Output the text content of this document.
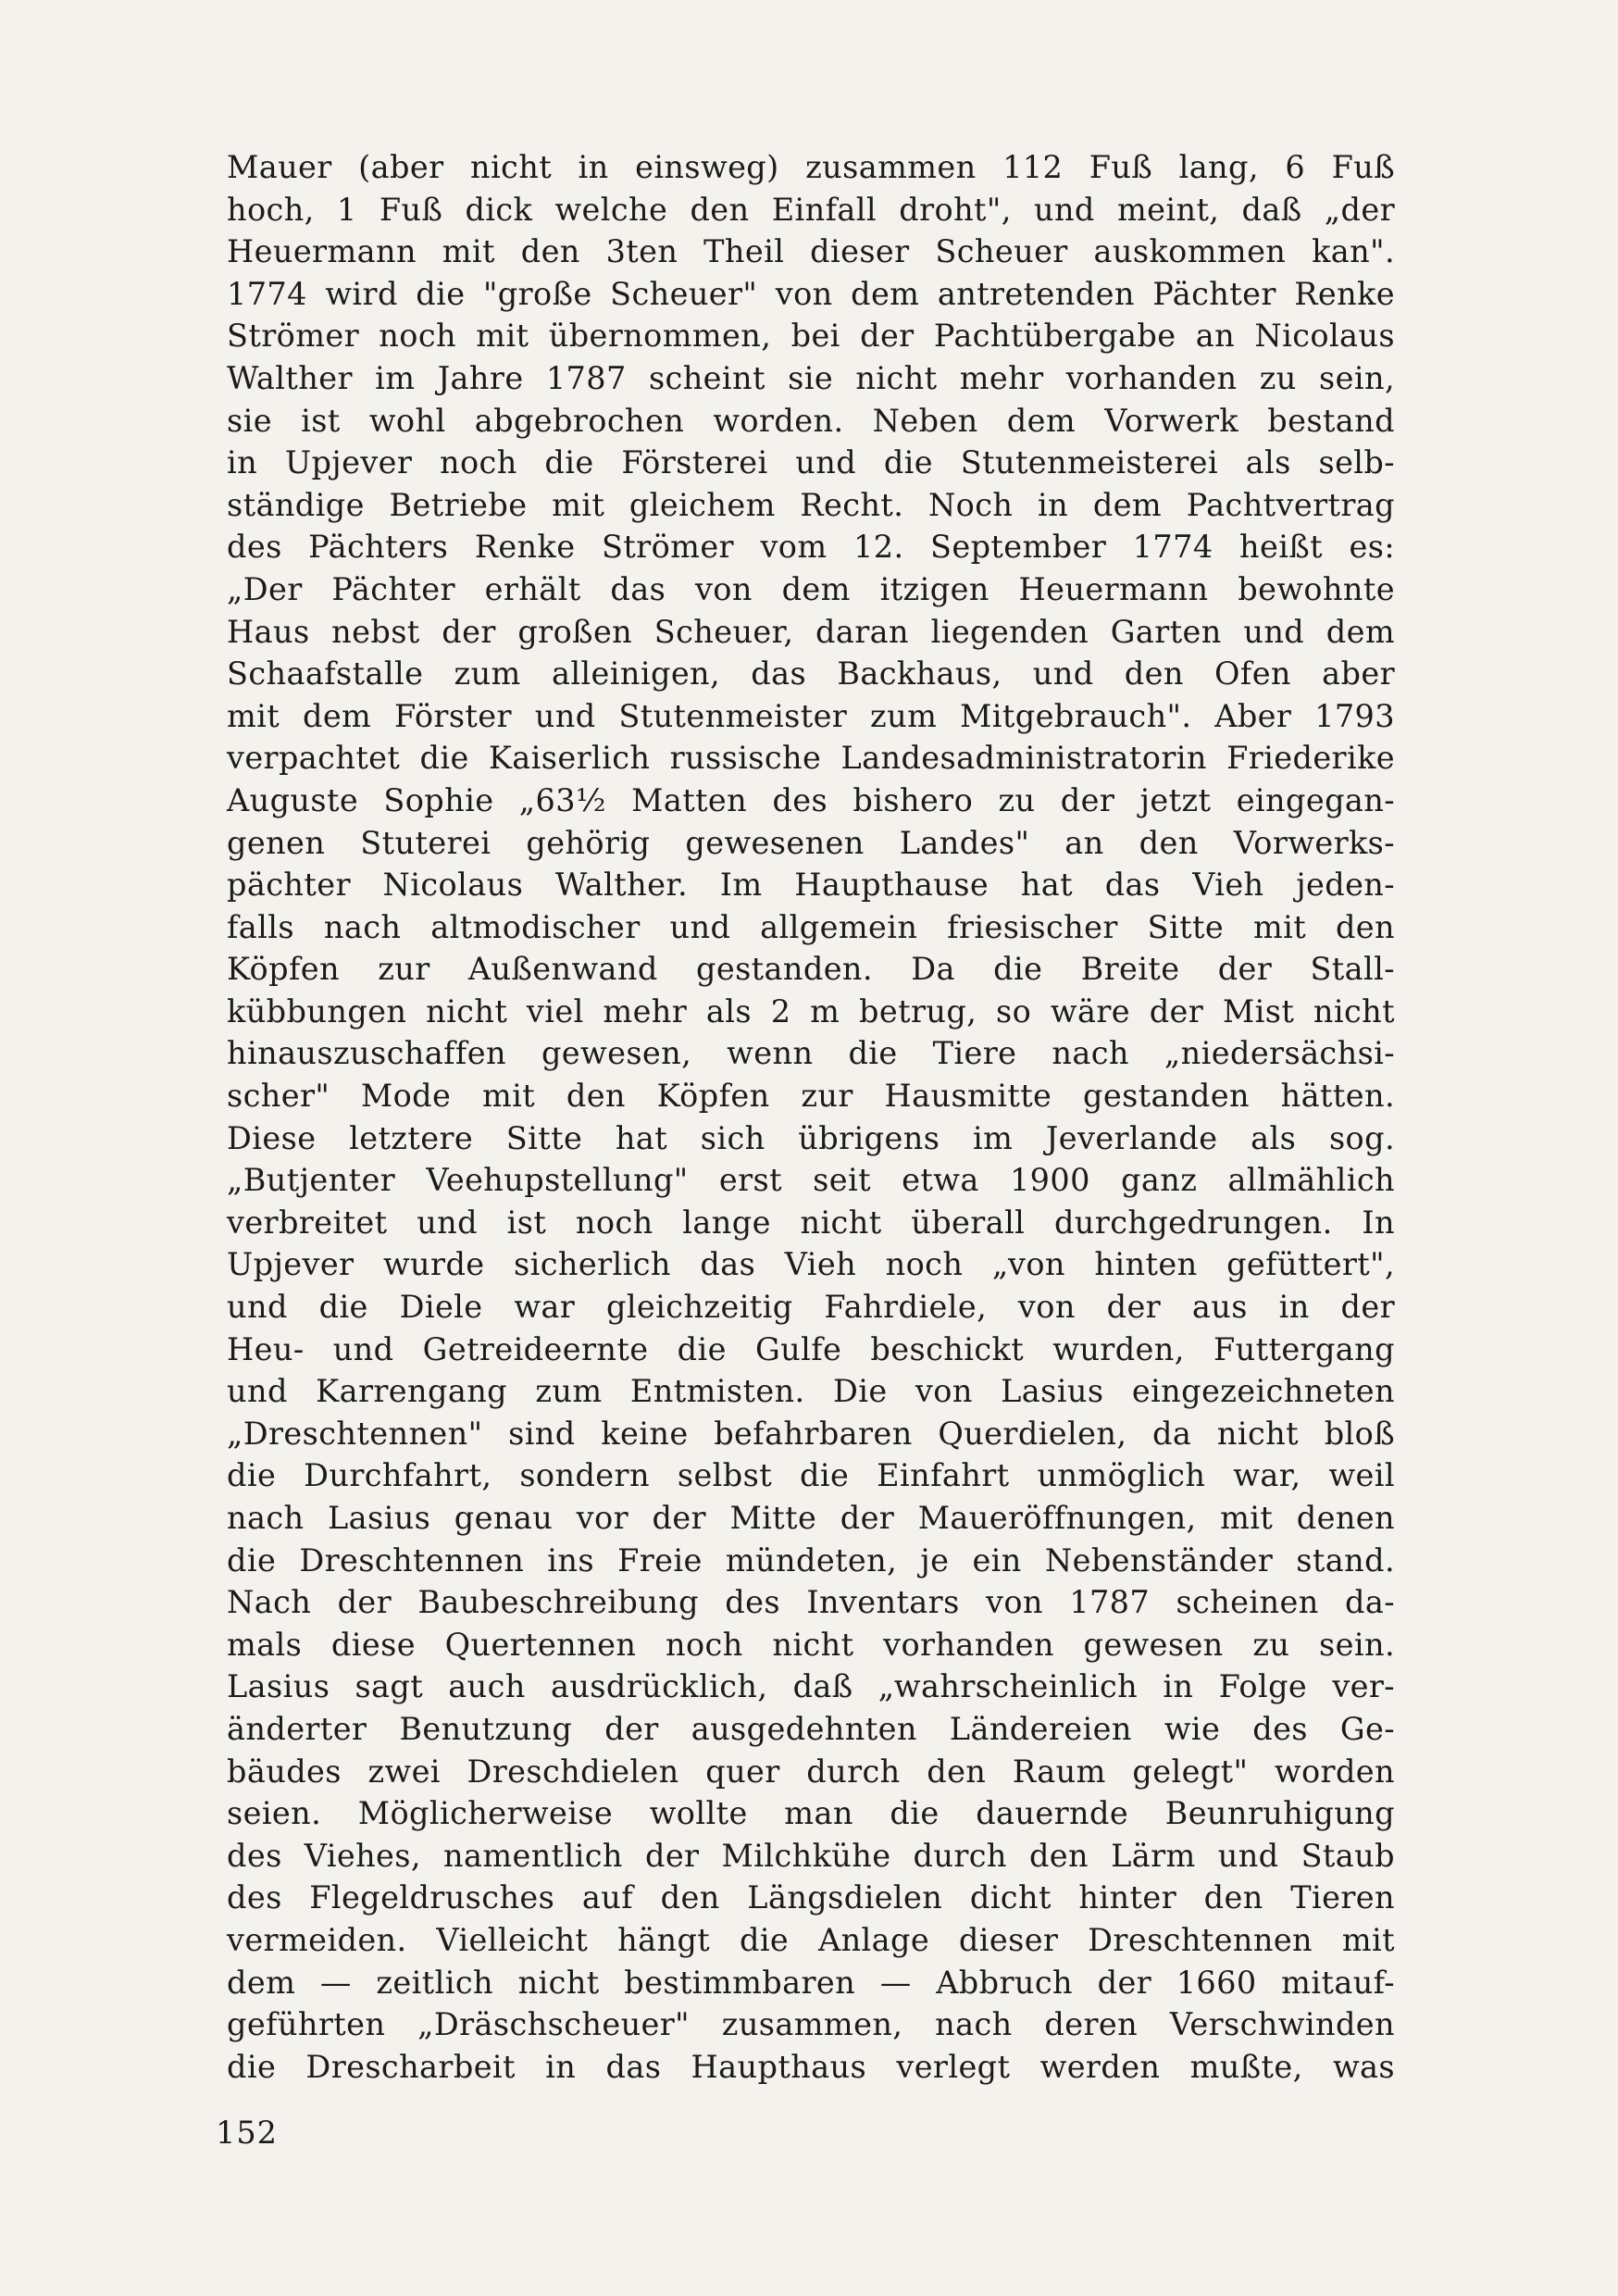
Mauer (aber nicht in einsweg) zusammen 112 Fuß lang, 6 Fuß
hoch, 1 Fuß dick welche den Einfall droht", und meint, daß „der
Heuermann mit den 3ten Theil dieser Scheuer auskommen kan".
1774 wird die "große Scheuer" von dem antretenden Pächter Renke
Strömer noch mit übernommen, bei der Pachtübergabe an Nicolaus
Walther im Jahre 1787 scheint sie nicht mehr vorhanden zu sein,
sie ist wohl abgebrochen worden. Neben dem Vorwerk bestand
in Upjever noch die Försterei und die Stutenmeisterei als selb-
ständige Betriebe mit gleichem Recht. Noch in dem Pachtvertrag
des Pächters Renke Strömer vom 12. September 1774 heißt es:
„Der Pächter erhält das von dem itzigen Heuermann bewohnte
Haus nebst der großen Scheuer, daran liegenden Garten und dem
Schaafstalle zum alleinigen, das Backhaus, und den Ofen aber
mit dem Förster und Stutenmeister zum Mitgebrauch". Aber 1793
verpachtet die Kaiserlich russische Landesadministratorin Friederike
Auguste Sophie „63½ Matten des bishero zu der jetzt eingegan-
genen Stuterei gehörig gewesenen Landes" an den Vorwerks-
pächter Nicolaus Walther. Im Haupthause hat das Vieh jeden-
falls nach altmodischer und allgemein friesischer Sitte mit den
Köpfen zur Außenwand gestanden. Da die Breite der Stall-
kübbungen nicht viel mehr als 2 m betrug, so wäre der Mist nicht
hinauszuschaffen gewesen, wenn die Tiere nach „niedersächsi-
scher" Mode mit den Köpfen zur Hausmitte gestanden hätten.
Diese letztere Sitte hat sich übrigens im Jeverlande als sog.
„Butjenter Veehupstellung" erst seit etwa 1900 ganz allmählich
verbreitet und ist noch lange nicht überall durchgedrungen. In
Upjever wurde sicherlich das Vieh noch „von hinten gefüttert",
und die Diele war gleichzeitig Fahrdiele, von der aus in der
Heu- und Getreideernte die Gulfe beschickt wurden, Futtergang
und Karrengang zum Entmisten. Die von Lasius eingezeichneten
„Dreschtennen" sind keine befahrbaren Querdielen, da nicht bloß
die Durchfahrt, sondern selbst die Einfahrt unmöglich war, weil
nach Lasius genau vor der Mitte der Maueröffnungen, mit denen
die Dreschtennen ins Freie mündeten, je ein Nebenständer stand.
Nach der Baubeschreibung des Inventars von 1787 scheinen da-
mals diese Quertennen noch nicht vorhanden gewesen zu sein.
Lasius sagt auch ausdrücklich, daß „wahrscheinlich in Folge ver-
änderter Benutzung der ausgedehnten Ländereien wie des Ge-
bäudes zwei Dreschdielen quer durch den Raum gelegt" worden
seien. Möglicherweise wollte man die dauernde Beunruhigung
des Viehes, namentlich der Milchkühe durch den Lärm und Staub
des Flegeldrusches auf den Längsdielen dicht hinter den Tieren
vermeiden. Vielleicht hängt die Anlage dieser Dreschtennen mit
dem — zeitlich nicht bestimmbaren — Abbruch der 1660 mitauf-
geführten „Dräschscheuer" zusammen, nach deren Verschwinden
die Drescharbeit in das Haupthaus verlegt werden mußte, was
152
